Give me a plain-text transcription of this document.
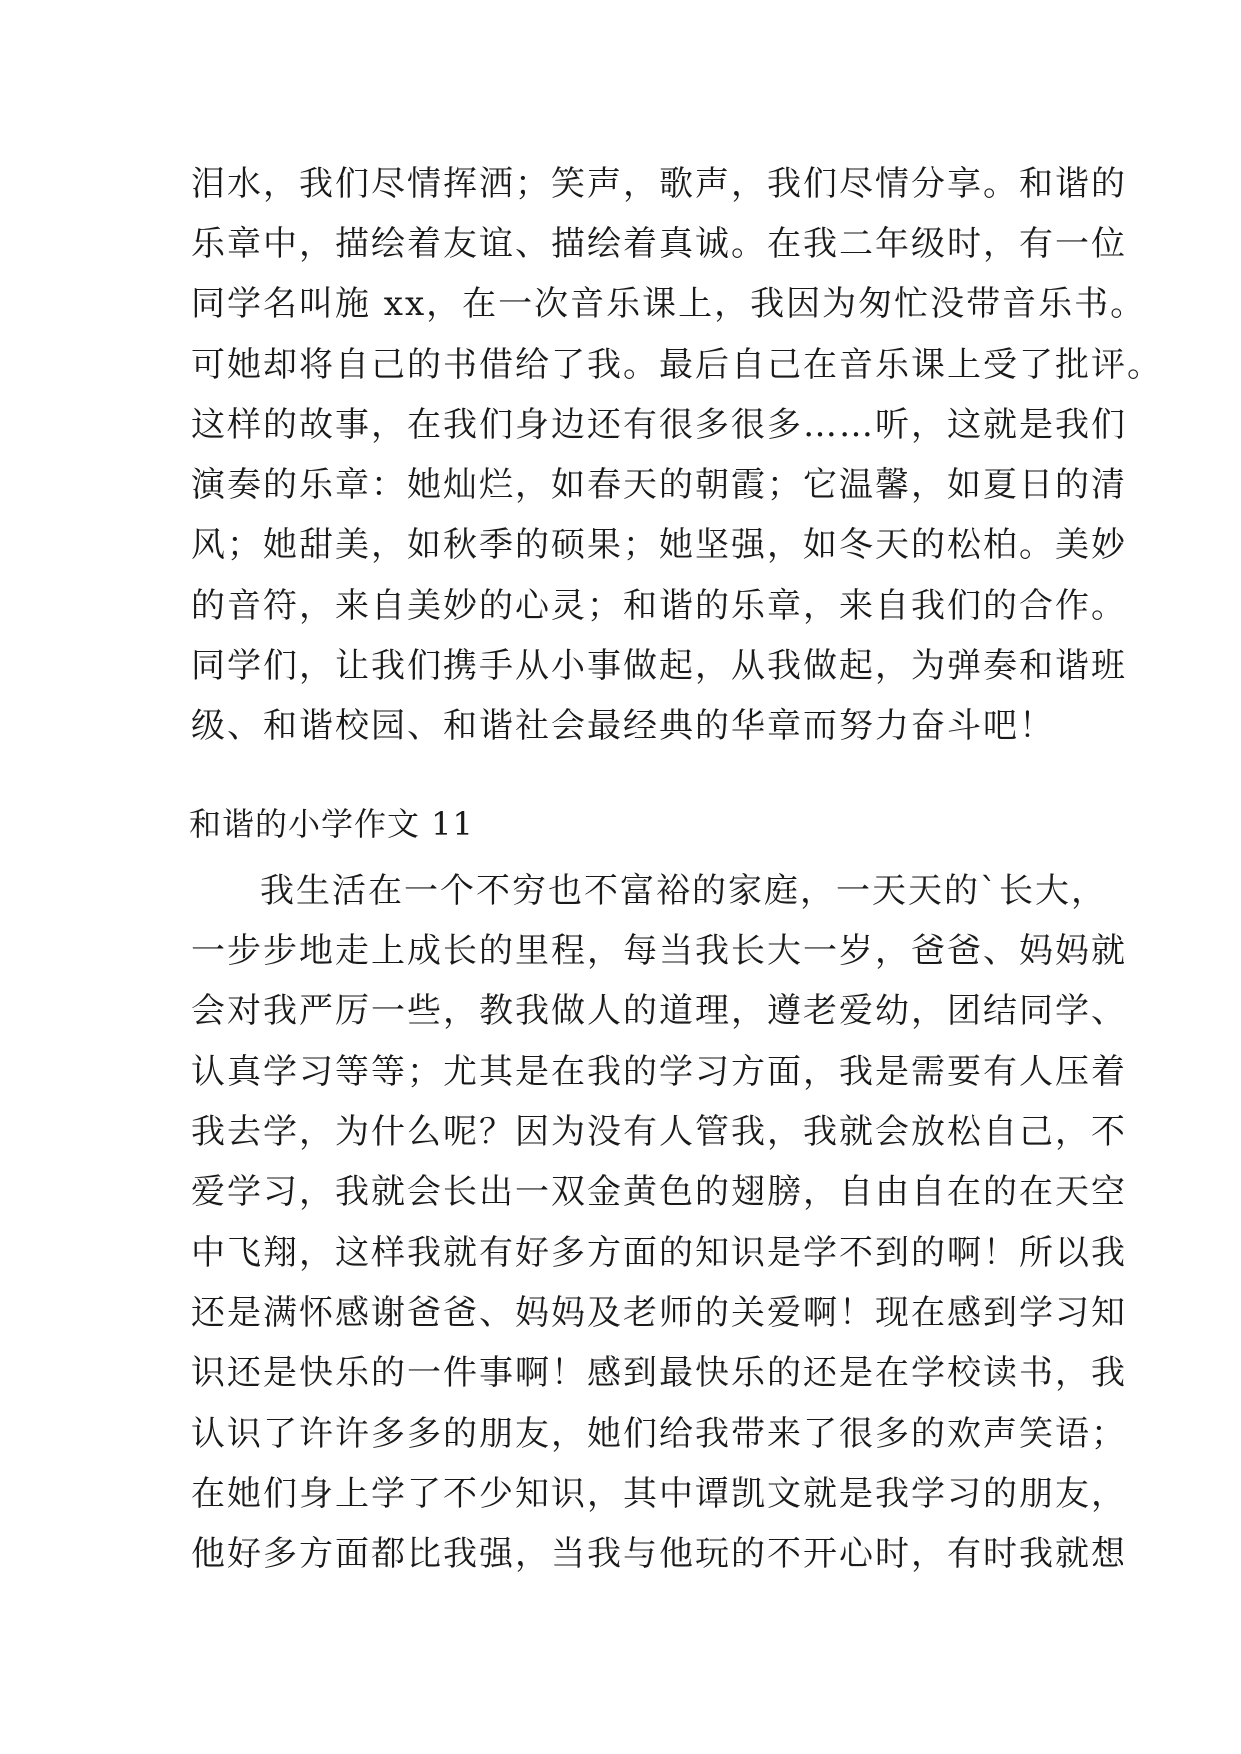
泪水，我们尽情挥洒；笑声，歌声，我们尽情分享。和谐的
乐章中，描绘着友谊、描绘着真诚。在我二年级时，有一位
同学名叫施 xx，在一次音乐课上，我因为匆忙没带音乐书。
可她却将自己的书借给了我。最后自己在音乐课上受了批评。
这样的故事，在我们身边还有很多很多……听，这就是我们
演奏的乐章：她灿烂，如春天的朝霞；它温馨，如夏日的清
风；她甜美，如秋季的硕果；她坚强，如冬天的松柏。美妙
的音符，来自美妙的心灵；和谐的乐章，来自我们的合作。
同学们，让我们携手从小事做起，从我做起，为弹奏和谐班
级、和谐校园、和谐社会最经典的华章而努力奋斗吧！
和谐的小学作文 11
我生活在一个不穷也不富裕的家庭，一天天的`长大，
一步步地走上成长的里程，每当我长大一岁，爸爸、妈妈就
会对我严厉一些，教我做人的道理，遵老爱幼，团结同学、
认真学习等等；尤其是在我的学习方面，我是需要有人压着
我去学，为什么呢？因为没有人管我，我就会放松自己，不
爱学习，我就会长出一双金黄色的翅膀，自由自在的在天空
中飞翔，这样我就有好多方面的知识是学不到的啊！所以我
还是满怀感谢爸爸、妈妈及老师的关爱啊！现在感到学习知
识还是快乐的一件事啊！感到最快乐的还是在学校读书，我
认识了许许多多的朋友，她们给我带来了很多的欢声笑语；
在她们身上学了不少知识，其中谭凯文就是我学习的朋友，
他好多方面都比我强，当我与他玩的不开心时，有时我就想
